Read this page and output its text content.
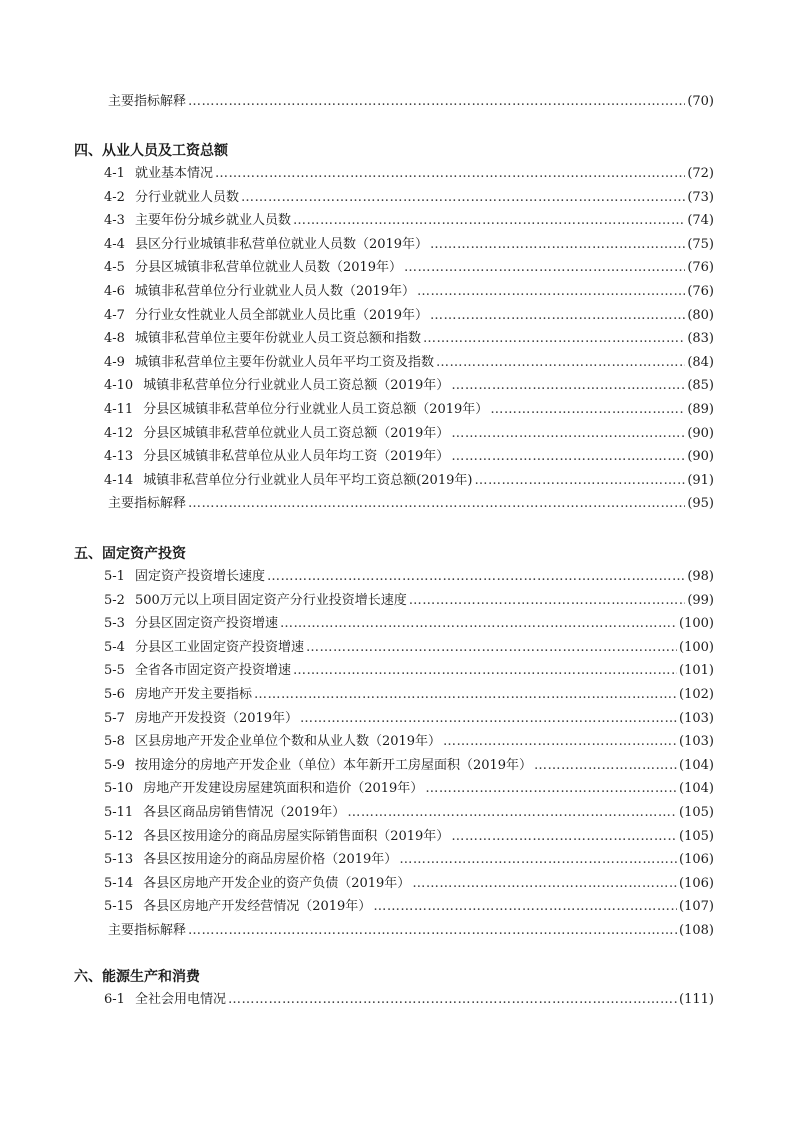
主要指标解释 …………………………………………………………………………………………………………………………………………………………………………………………………………………………………………………………………………	(70)
四、从业人员及工资总额
4-1 就业基本情况 …………………………………………………………………………………………………………………………………………………………………………………………………………………………………………………………………………	(72)
4-2 分行业就业人员数 …………………………………………………………………………………………………………………………………………………………………………………………………………………………………………………………………………	(73)
4-3 主要年份分城乡就业人员数 …………………………………………………………………………………………………………………………………………………………………………………………………………………………………………………………………………	(74)
4-4 县区分行业城镇非私营单位就业人员数（2019年） …………………………………………………………………………………………………………………………………………………………………………………………………………………………………………………………………………	(75)
4-5 分县区城镇非私营单位就业人员数（2019年） …………………………………………………………………………………………………………………………………………………………………………………………………………………………………………………………………………	(76)
4-6 城镇非私营单位分行业就业人员人数（2019年） …………………………………………………………………………………………………………………………………………………………………………………………………………………………………………………………………………	(76)
4-7 分行业女性就业人员全部就业人员比重（2019年） …………………………………………………………………………………………………………………………………………………………………………………………………………………………………………………………………………	(80)
4-8 城镇非私营单位主要年份就业人员工资总额和指数 …………………………………………………………………………………………………………………………………………………………………………………………………………………………………………………………………………	(83)
4-9 城镇非私营单位主要年份就业人员年平均工资及指数 …………………………………………………………………………………………………………………………………………………………………………………………………………………………………………………………………………	(84)
4-10 城镇非私营单位分行业就业人员工资总额（2019年） …………………………………………………………………………………………………………………………………………………………………………………………………………………………………………………………………………	(85)
4-11 分县区城镇非私营单位分行业就业人员工资总额（2019年） …………………………………………………………………………………………………………………………………………………………………………………………………………………………………………………………………………	(89)
4-12 分县区城镇非私营单位就业人员工资总额（2019年） …………………………………………………………………………………………………………………………………………………………………………………………………………………………………………………………………………	(90)
4-13 分县区城镇非私营单位从业人员年均工资（2019年） …………………………………………………………………………………………………………………………………………………………………………………………………………………………………………………………………………	(90)
4-14 城镇非私营单位分行业就业人员年平均工资总额(2019年) …………………………………………………………………………………………………………………………………………………………………………………………………………………………………………………………………………	(91)
主要指标解释 …………………………………………………………………………………………………………………………………………………………………………………………………………………………………………………………………………	(95)
五、固定资产投资
5-1 固定资产投资增长速度 …………………………………………………………………………………………………………………………………………………………………………………………………………………………………………………………………………	(98)
5-2 500万元以上项目固定资产分行业投资增长速度 …………………………………………………………………………………………………………………………………………………………………………………………………………………………………………………………………………	(99)
5-3 分县区固定资产投资增速 …………………………………………………………………………………………………………………………………………………………………………………………………………………………………………………………………………	(100)
5-4 分县区工业固定资产投资增速 …………………………………………………………………………………………………………………………………………………………………………………………………………………………………………………………………………	(100)
5-5 全省各市固定资产投资增速 …………………………………………………………………………………………………………………………………………………………………………………………………………………………………………………………………………	(101)
5-6 房地产开发主要指标 …………………………………………………………………………………………………………………………………………………………………………………………………………………………………………………………………………	(102)
5-7 房地产开发投资（2019年） …………………………………………………………………………………………………………………………………………………………………………………………………………………………………………………………………………	(103)
5-8 区县房地产开发企业单位个数和从业人数（2019年） …………………………………………………………………………………………………………………………………………………………………………………………………………………………………………………………………………	(103)
5-9 按用途分的房地产开发企业（单位）本年新开工房屋面积（2019年） …………………………………………………………………………………………………………………………………………………………………………………………………………………………………………………………………………	(104)
5-10 房地产开发建设房屋建筑面积和造价（2019年） …………………………………………………………………………………………………………………………………………………………………………………………………………………………………………………………………………	(104)
5-11 各县区商品房销售情况（2019年） …………………………………………………………………………………………………………………………………………………………………………………………………………………………………………………………………………	(105)
5-12 各县区按用途分的商品房屋实际销售面积（2019年） …………………………………………………………………………………………………………………………………………………………………………………………………………………………………………………………………………	(105)
5-13 各县区按用途分的商品房屋价格（2019年） …………………………………………………………………………………………………………………………………………………………………………………………………………………………………………………………………………	(106)
5-14 各县区房地产开发企业的资产负债（2019年） …………………………………………………………………………………………………………………………………………………………………………………………………………………………………………………………………………	(106)
5-15 各县区房地产开发经营情况（2019年） …………………………………………………………………………………………………………………………………………………………………………………………………………………………………………………………………………	(107)
主要指标解释 …………………………………………………………………………………………………………………………………………………………………………………………………………………………………………………………………………	(108)
六、能源生产和消费
6-1 全社会用电情况 …………………………………………………………………………………………………………………………………………………………………………………………………………………………………………………………………………	(111)
